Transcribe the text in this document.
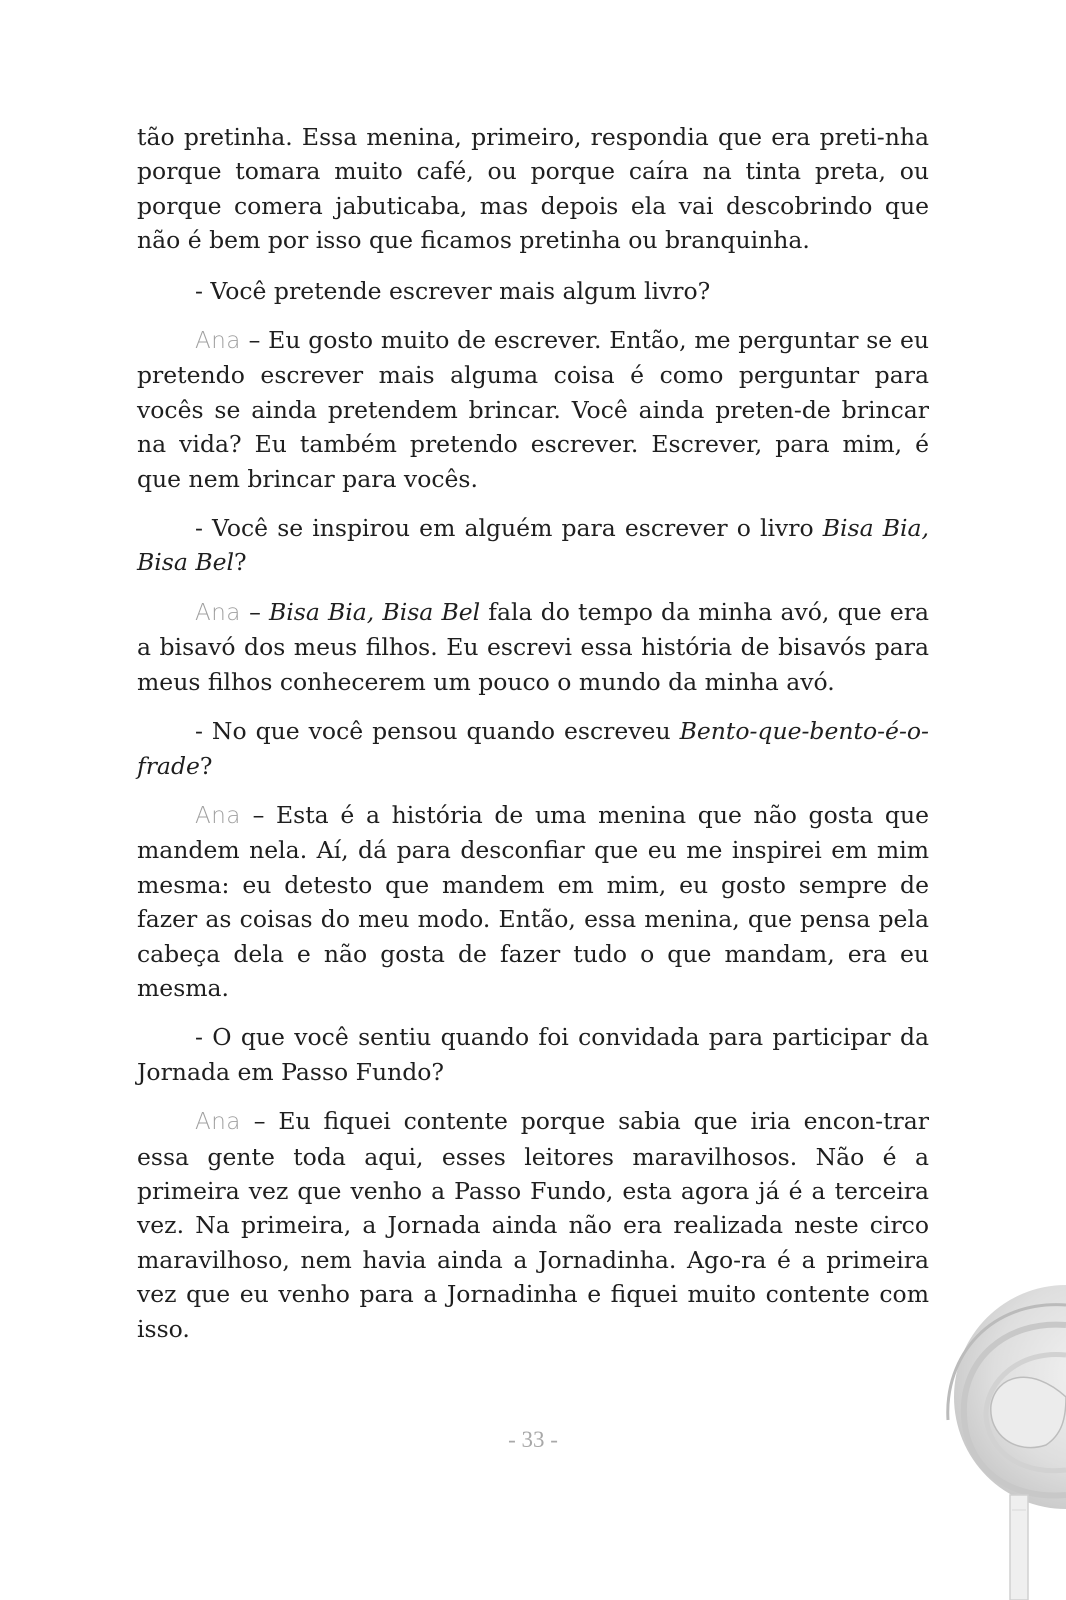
tão pretinha. Essa menina, primeiro, respondia que era preti-nha porque tomara muito café, ou porque caíra na tinta preta, ou porque comera jabuticaba, mas depois ela vai descobrindo que não é bem por isso que ficamos pretinha ou branquinha.

- Você pretende escrever mais algum livro?

Ana – Eu gosto muito de escrever. Então, me perguntar se eu pretendo escrever mais alguma coisa é como perguntar para vocês se ainda pretendem brincar. Você ainda preten-de brincar na vida? Eu também pretendo escrever. Escrever, para mim, é que nem brincar para vocês.

- Você se inspirou em alguém para escrever o livro Bisa Bia, Bisa Bel?

Ana – Bisa Bia, Bisa Bel fala do tempo da minha avó, que era a bisavó dos meus filhos. Eu escrevi essa história de bisavós para meus filhos conhecerem um pouco o mundo da minha avó.

- No que você pensou quando escreveu Bento-que-bento-é-o-frade?

Ana – Esta é a história de uma menina que não gosta que mandem nela. Aí, dá para desconfiar que eu me inspirei em mim mesma: eu detesto que mandem em mim, eu gosto sempre de fazer as coisas do meu modo. Então, essa menina, que pensa pela cabeça dela e não gosta de fazer tudo o que mandam, era eu mesma.

- O que você sentiu quando foi convidada para participar da Jornada em Passo Fundo?

Ana – Eu fiquei contente porque sabia que iria encon-trar essa gente toda aqui, esses leitores maravilhosos. Não é a primeira vez que venho a Passo Fundo, esta agora já é a terceira vez. Na primeira, a Jornada ainda não era realizada neste circo maravilhoso, nem havia ainda a Jornadinha. Ago-ra é a primeira vez que eu venho para a Jornadinha e fiquei muito contente com isso.

- 33 -
